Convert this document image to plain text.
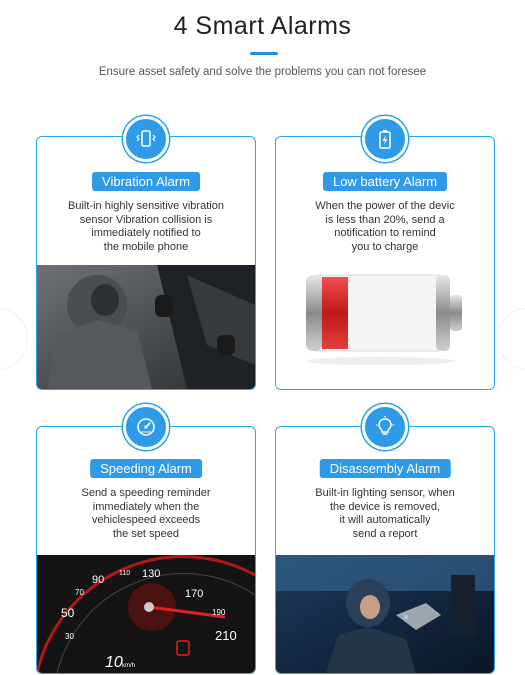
4 Smart Alarms
Ensure asset safety and solve the problems you can not foresee
Vibration Alarm
Built-in highly sensitive vibration
sensor Vibration collision is
immediately notified to
the mobile phone
Low battery Alarm
When the power of the devic
is less than 20%, send a
notification to remind
you to charge
Speeding Alarm
Send a speeding reminder
immediately when the
vehiclespeed exceeds
the set speed
10 km/h
30
50
70
90
110 130
170
190
210
Disassembly Alarm
Built-in lighting sensor, when
the device is removed,
it will automatically
send a report
